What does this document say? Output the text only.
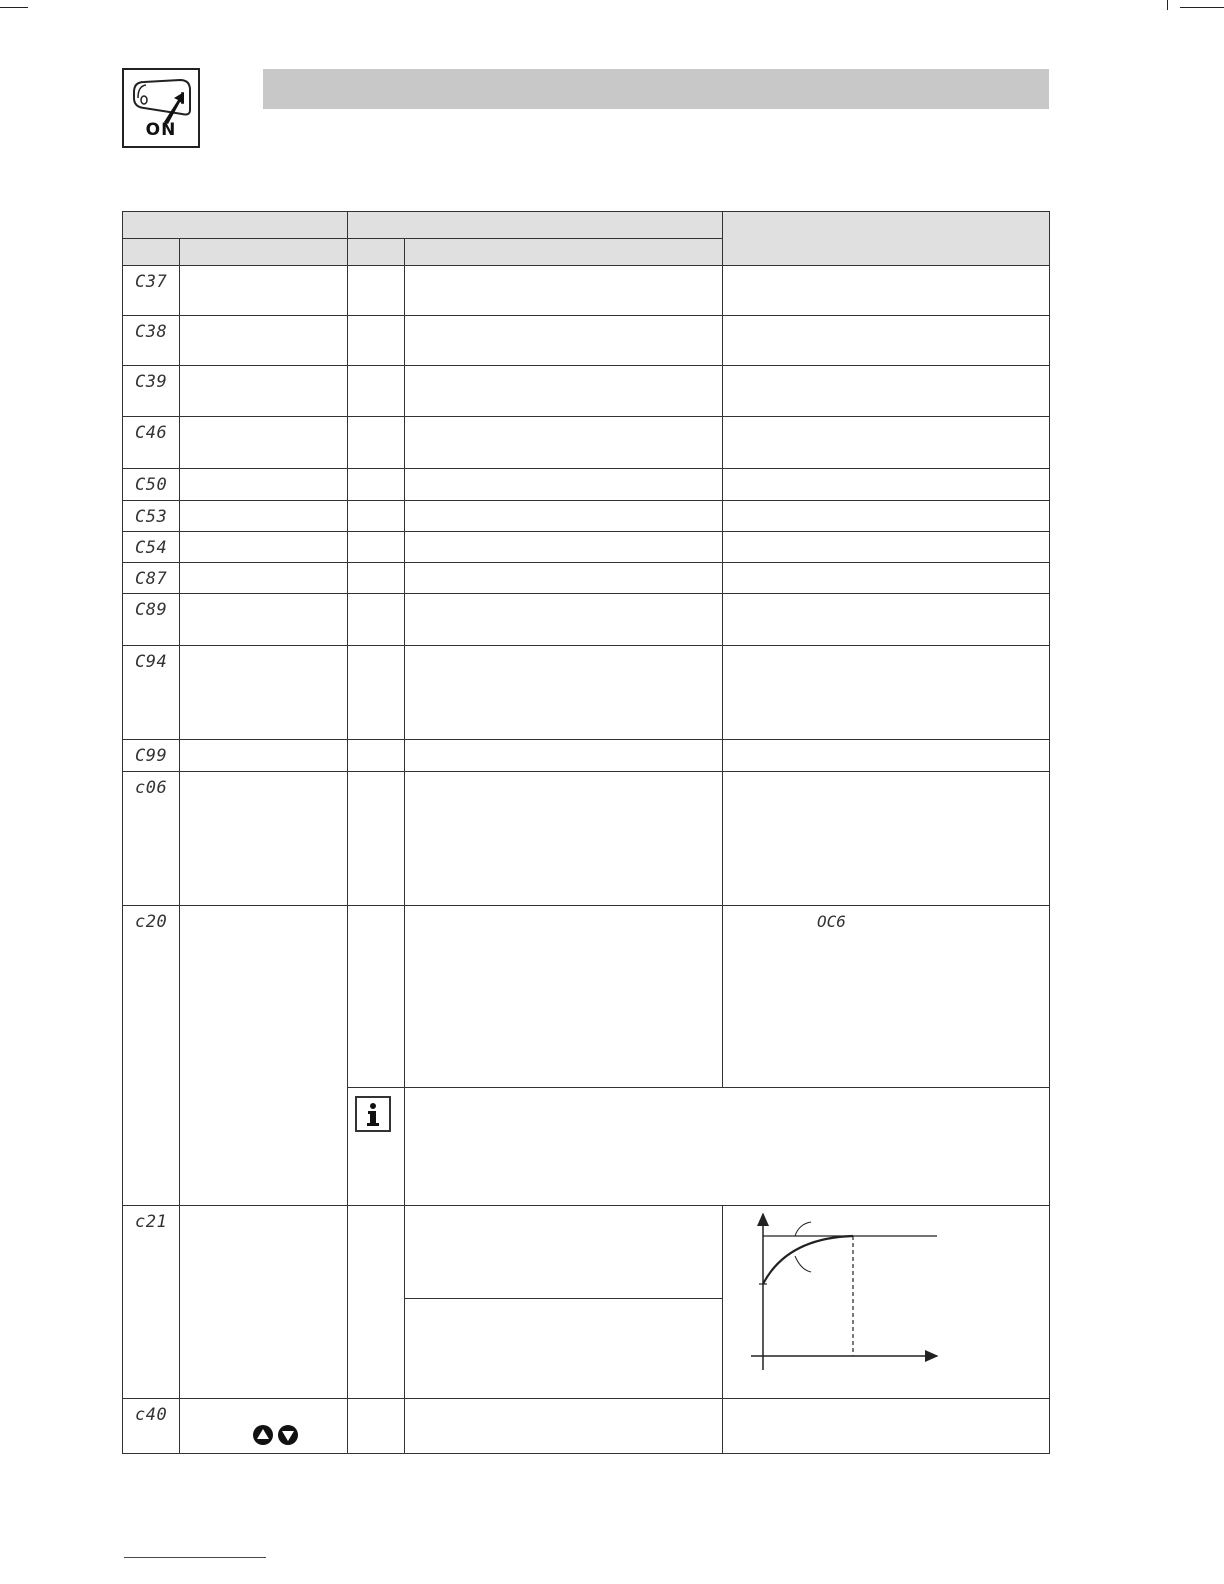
ON

C37				
C38				
C39				
C46				
C50				
C53				
C54				
C87				
C89				
C94				
C99				
c06				
c20				OC6

c21				

c40	
